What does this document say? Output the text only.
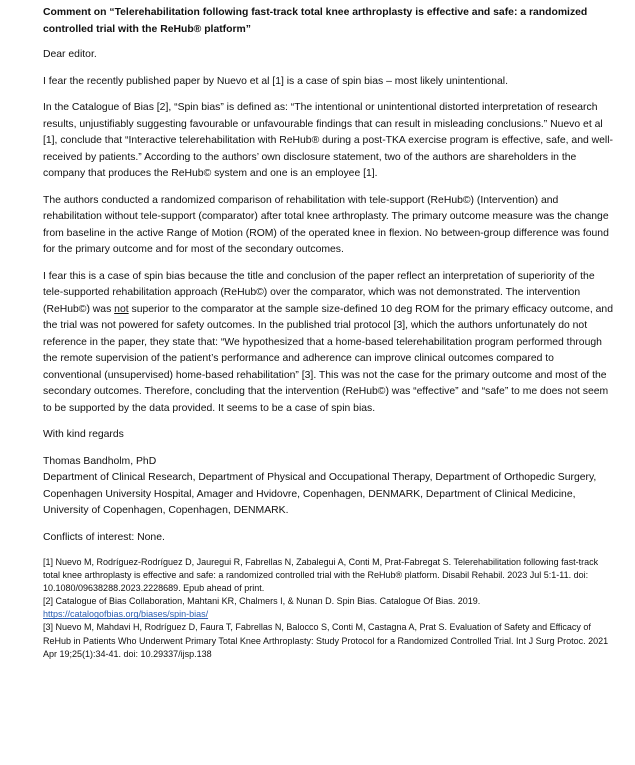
Comment on “Telerehabilitation following fast-track total knee arthroplasty is effective and safe: a randomized controlled trial with the ReHub® platform”

Dear editor.

I fear the recently published paper by Nuevo et al [1] is a case of spin bias – most likely unintentional.

In the Catalogue of Bias [2], “Spin bias” is defined as: “The intentional or unintentional distorted interpretation of research results, unjustifiably suggesting favourable or unfavourable findings that can result in misleading conclusions.” Nuevo et al [1], conclude that “Interactive telerehabilitation with ReHub® during a post-TKA exercise program is effective, safe, and well-received by patients.” According to the authors’ own disclosure statement, two of the authors are shareholders in the company that produces the ReHub© system and one is an employee [1].

The authors conducted a randomized comparison of rehabilitation with tele-support (ReHub©) (Intervention) and rehabilitation without tele-support (comparator) after total knee arthroplasty. The primary outcome measure was the change from baseline in the active Range of Motion (ROM) of the operated knee in flexion. No between-group difference was found for the primary outcome and for most of the secondary outcomes.

I fear this is a case of spin bias because the title and conclusion of the paper reflect an interpretation of superiority of the tele-supported rehabilitation approach (ReHub©) over the comparator, which was not demonstrated. The intervention (ReHub©) was not superior to the comparator at the sample size-defined 10 deg ROM for the primary efficacy outcome, and the trial was not powered for safety outcomes. In the published trial protocol [3], which the authors unfortunately do not reference in the paper, they state that: “We hypothesized that a home-based telerehabilitation program performed through the remote supervision of the patient’s performance and adherence can improve clinical outcomes compared to conventional (unsupervised) home-based rehabilitation” [3]. This was not the case for the primary outcome and most of the secondary outcomes. Therefore, concluding that the intervention (ReHub©) was “effective” and “safe” to me does not seem to be supported by the data provided. It seems to be a case of spin bias.

With kind regards

Thomas Bandholm, PhD

Department of Clinical Research, Department of Physical and Occupational Therapy, Department of Orthopedic Surgery, Copenhagen University Hospital, Amager and Hvidovre, Copenhagen, DENMARK, Department of Clinical Medicine, University of Copenhagen, Copenhagen, DENMARK.

Conflicts of interest: None.

[1] Nuevo M, Rodríguez-Rodríguez D, Jauregui R, Fabrellas N, Zabalegui A, Conti M, Prat-Fabregat S. Telerehabilitation following fast-track total knee arthroplasty is effective and safe: a randomized controlled trial with the ReHub® platform. Disabil Rehabil. 2023 Jul 5:1-11. doi: 10.1080/09638288.2023.2228689. Epub ahead of print.

[2] Catalogue of Bias Collaboration, Mahtani KR, Chalmers I, & Nunan D. Spin Bias. Catalogue Of Bias. 2019.

https://catalogofbias.org/biases/spin-bias/

[3] Nuevo M, Mahdavi H, Rodríguez D, Faura T, Fabrellas N, Balocco S, Conti M, Castagna A, Prat S. Evaluation of Safety and Efficacy of ReHub in Patients Who Underwent Primary Total Knee Arthroplasty: Study Protocol for a Randomized Controlled Trial. Int J Surg Protoc. 2021 Apr 19;25(1):34-41. doi: 10.29337/ijsp.138
